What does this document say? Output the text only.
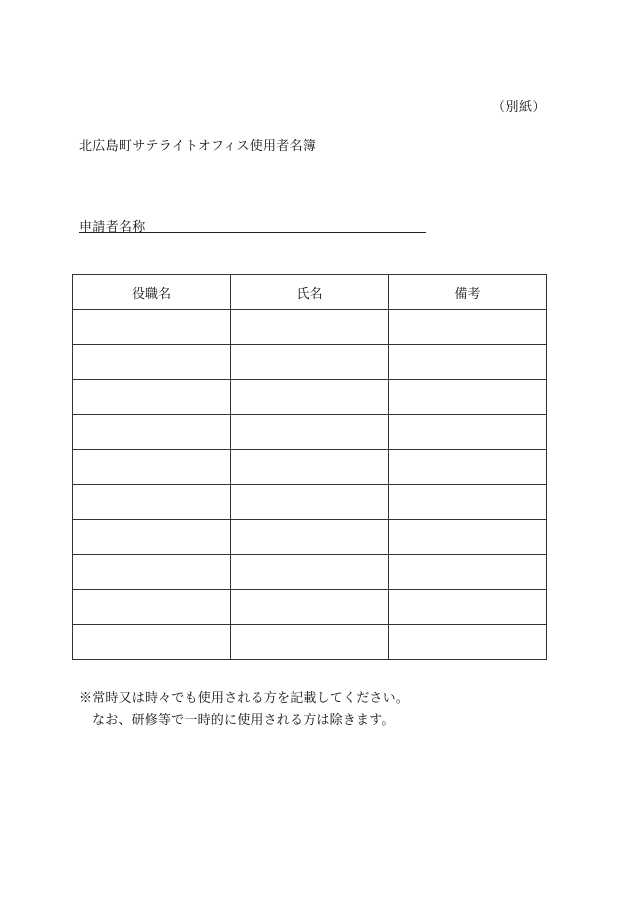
（別紙）
北広島町サテライトオフィス使用者名簿
申請者名称
役職名	氏名	備考

※常時又は時々でも使用される方を記載してください。
なお、研修等で一時的に使用される方は除きます。
